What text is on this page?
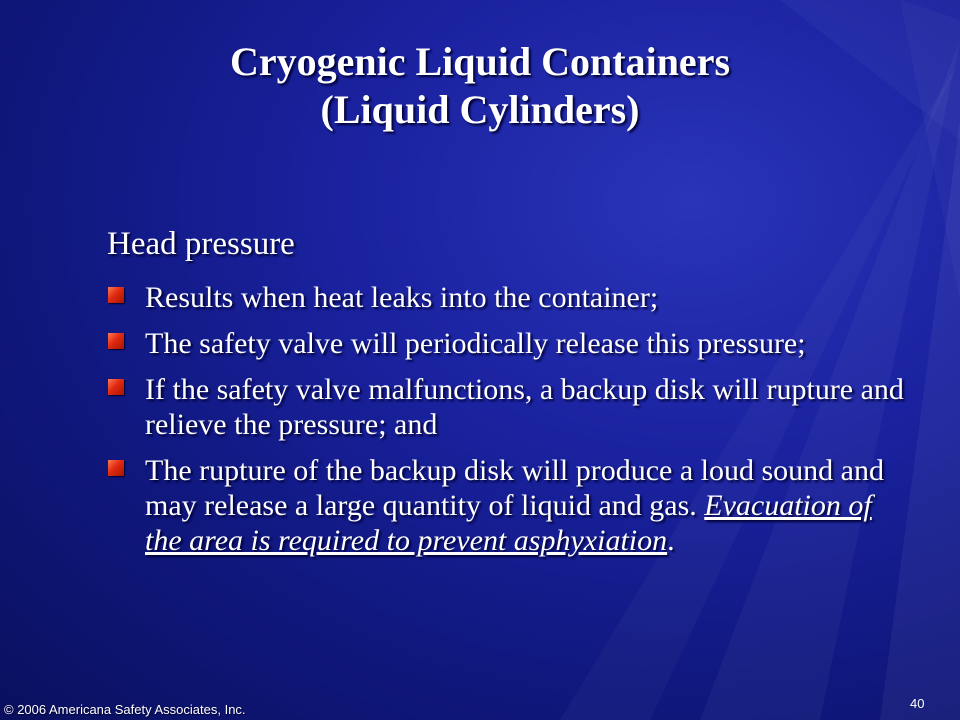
Cryogenic Liquid Containers
(Liquid Cylinders)
Head pressure
Results when heat leaks into the container;
The safety valve will periodically release this pressure;
If the safety valve malfunctions, a backup disk will rupture and relieve the pressure; and
The rupture of the backup disk will produce a loud sound and may release a large quantity of liquid and gas. Evacuation of the area is required to prevent asphyxiation.
© 2006 Americana Safety Associates, Inc.	40
